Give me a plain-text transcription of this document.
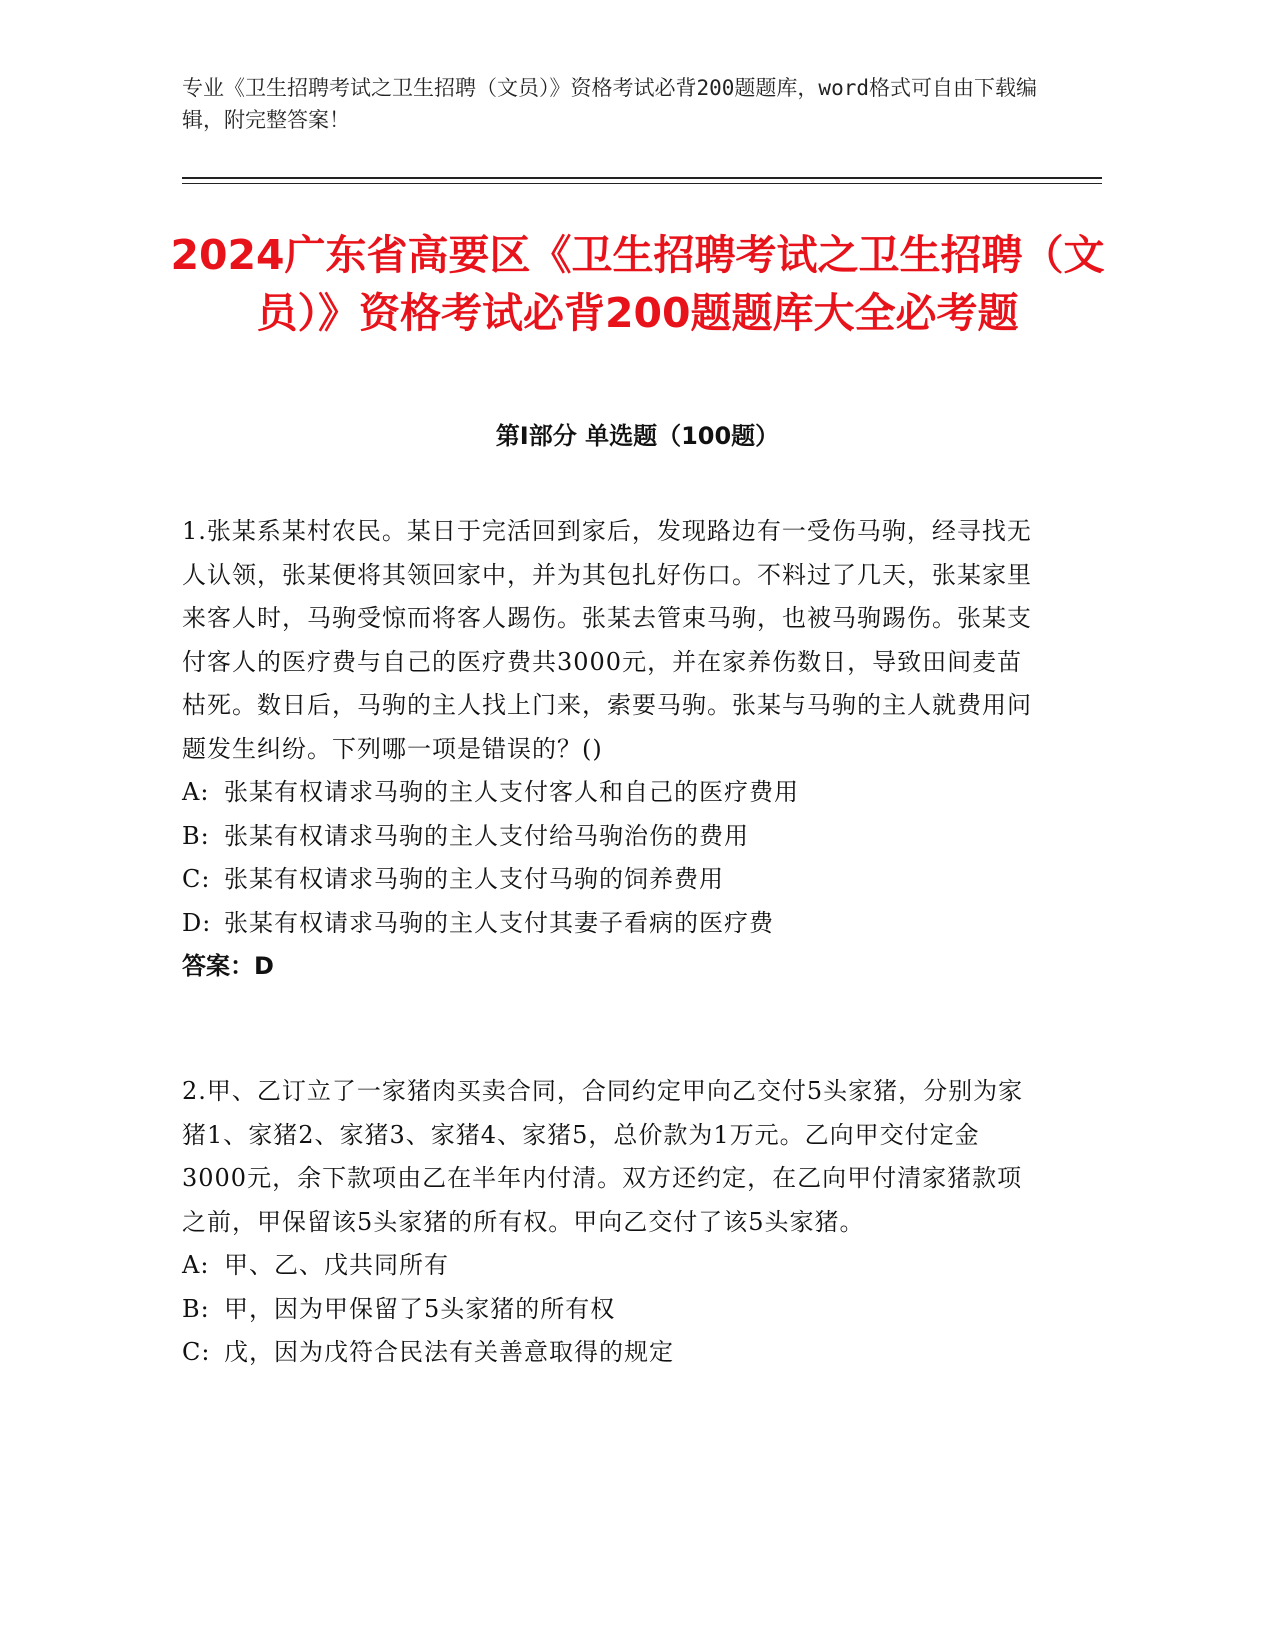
专业《卫生招聘考试之卫生招聘（文员）》资格考试必背200题题库，word格式可自由下载编辑，附完整答案！
2024广东省高要区《卫生招聘考试之卫生招聘（文员）》资格考试必背200题题库大全必考题
第I部分 单选题（100题）
1.张某系某村农民。某日于完活回到家后，发现路边有一受伤马驹，经寻找无人认领，张某便将其领回家中，并为其包扎好伤口。不料过了几天，张某家里来客人时，马驹受惊而将客人踢伤。张某去管束马驹，也被马驹踢伤。张某支付客人的医疗费与自己的医疗费共3000元，并在家养伤数日，导致田间麦苗枯死。数日后，马驹的主人找上门来，索要马驹。张某与马驹的主人就费用问题发生纠纷。下列哪一项是错误的？()
A: 张某有权请求马驹的主人支付客人和自己的医疗费用
B: 张某有权请求马驹的主人支付给马驹治伤的费用
C: 张某有权请求马驹的主人支付马驹的饲养费用
D: 张某有权请求马驹的主人支付其妻子看病的医疗费
答案：D
2.甲、乙订立了一家猪肉买卖合同，合同约定甲向乙交付5头家猪，分别为家猪1、家猪2、家猪3、家猪4、家猪5，总价款为1万元。乙向甲交付定金3000元，余下款项由乙在半年内付清。双方还约定，在乙向甲付清家猪款项之前，甲保留该5头家猪的所有权。甲向乙交付了该5头家猪。
A: 甲、乙、戊共同所有
B: 甲，因为甲保留了5头家猪的所有权
C: 戊，因为戊符合民法有关善意取得的规定
